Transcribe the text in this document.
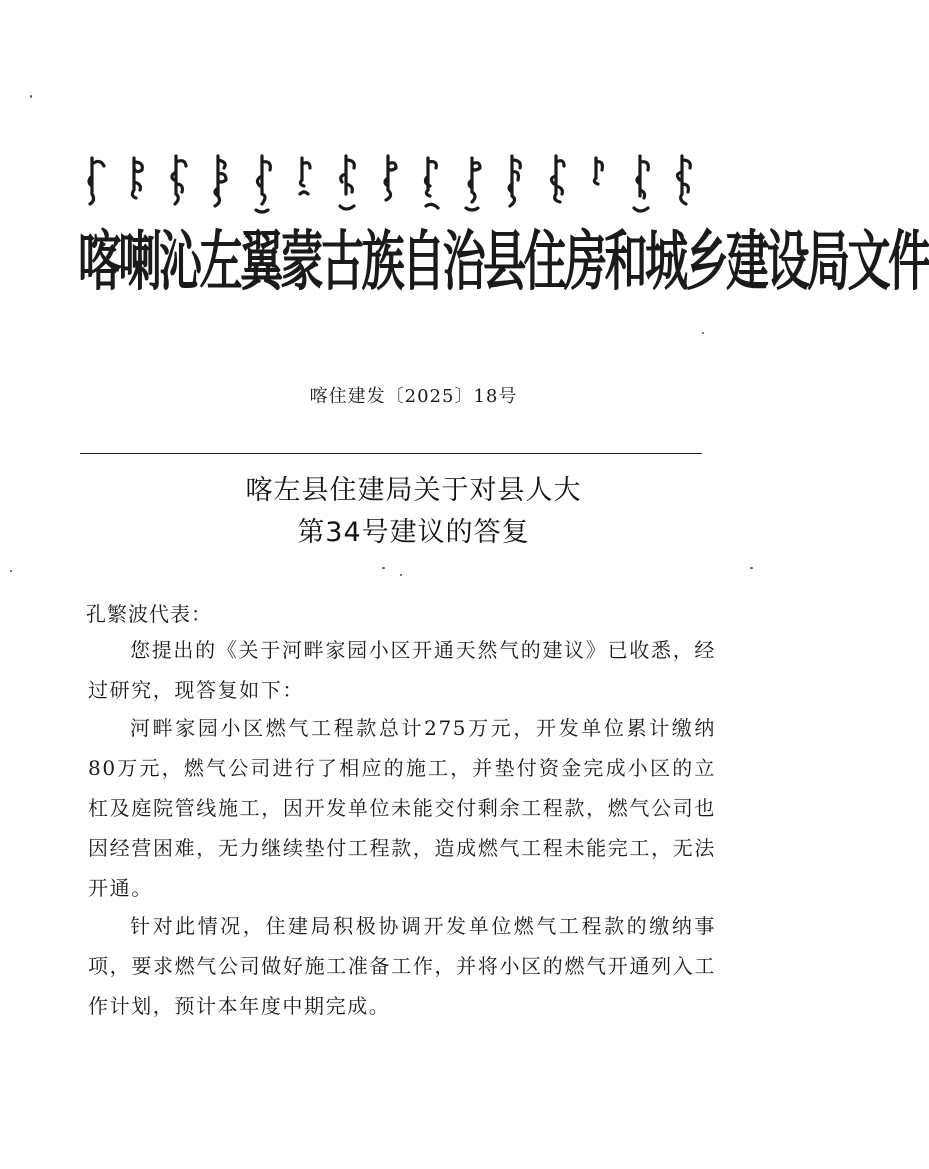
喀喇沁左翼蒙古族自治县住房和城乡建设局文件
喀住建发〔2025〕18号
喀左县住建局关于对县人大
第34号建议的答复
孔繁波代表：
您提出的《关于河畔家园小区开通天然气的建议》已收悉，经过研究，现答复如下：
河畔家园小区燃气工程款总计275万元，开发单位累计缴纳80万元，燃气公司进行了相应的施工，并垫付资金完成小区的立杠及庭院管线施工，因开发单位未能交付剩余工程款，燃气公司也因经营困难，无力继续垫付工程款，造成燃气工程未能完工，无法开通。
针对此情况，住建局积极协调开发单位燃气工程款的缴纳事项，要求燃气公司做好施工准备工作，并将小区的燃气开通列入工作计划，预计本年度中期完成。
